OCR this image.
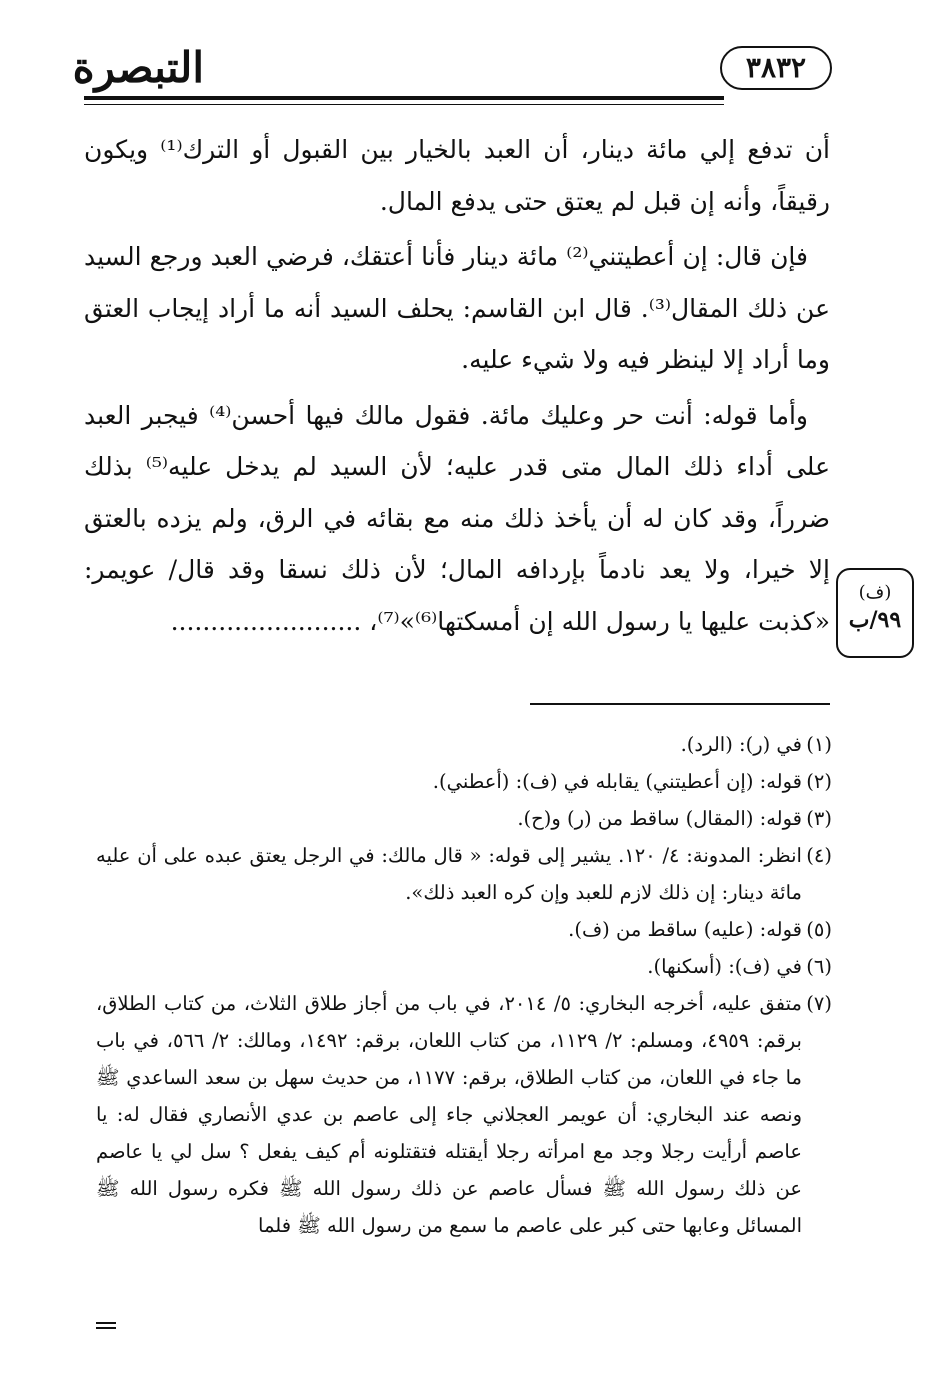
التبصرة	٣٨٣٢

أن تدفع إلي مائة دينار، أن العبد بالخيار بين القبول أو الترك⁽¹⁾ ويكون رقيقاً، وأنه إن قبل لم يعتق حتى يدفع المال.

فإن قال: إن أعطيتني⁽²⁾ مائة دينار فأنا أعتقك، فرضي العبد ورجع السيد عن ذلك المقال⁽³⁾. قال ابن القاسم: يحلف السيد أنه ما أراد إيجاب العتق وما أراد إلا لينظر فيه ولا شيء عليه.

وأما قوله: أنت حر وعليك مائة. فقول مالك فيها أحسن⁽⁴⁾ فيجبر العبد على أداء ذلك المال متى قدر عليه؛ لأن السيد لم يدخل عليه⁽⁵⁾ بذلك ضرراً، وقد كان له أن يأخذ ذلك منه مع بقائه في الرق، ولم يزده بالعتق إلا خيرا، ولا يعد نادماً بإردافه المال؛ لأن ذلك نسقا وقد قال/ عويمر: «كذبت عليها يا رسول الله إن أمسكتها⁽⁶⁾»⁽⁷⁾، ........................

(ف)
٩٩/ب

(١)
في (ر): (الرد).

(٢)
قوله: (إن أعطيتني) يقابله في (ف): (أعطني).

(٣)
قوله: (المقال) ساقط من (ر) و(ح).

(٤)
انظر: المدونة: ٤/ ١٢٠. يشير إلى قوله: « قال مالك: في الرجل يعتق عبده على أن عليه مائة دينار: إن ذلك لازم للعبد وإن كره العبد ذلك».

(٥)
قوله: (عليه) ساقط من (ف).

(٦)
في (ف): (أسكنها).

(٧)
متفق عليه، أخرجه البخاري: ٥/ ٢٠١٤، في باب من أجاز طلاق الثلاث، من كتاب الطلاق، برقم: ٤٩٥٩، ومسلم: ٢/ ١١٢٩، من كتاب اللعان، برقم: ١٤٩٢، ومالك: ٢/ ٥٦٦، في باب ما جاء في اللعان، من كتاب الطلاق، برقم: ١١٧٧، من حديث سهل بن سعد الساعدي ﷺ ونصه عند البخاري: أن عويمر العجلاني جاء إلى عاصم بن عدي الأنصاري فقال له: يا عاصم أرأيت رجلا وجد مع امرأته رجلا أيقتله فتقتلونه أم كيف يفعل ؟ سل لي يا عاصم عن ذلك رسول الله ﷺ فسأل عاصم عن ذلك رسول الله ﷺ فكره رسول الله ﷺ المسائل وعابها حتى كبر على عاصم ما سمع من رسول الله ﷺ فلما
